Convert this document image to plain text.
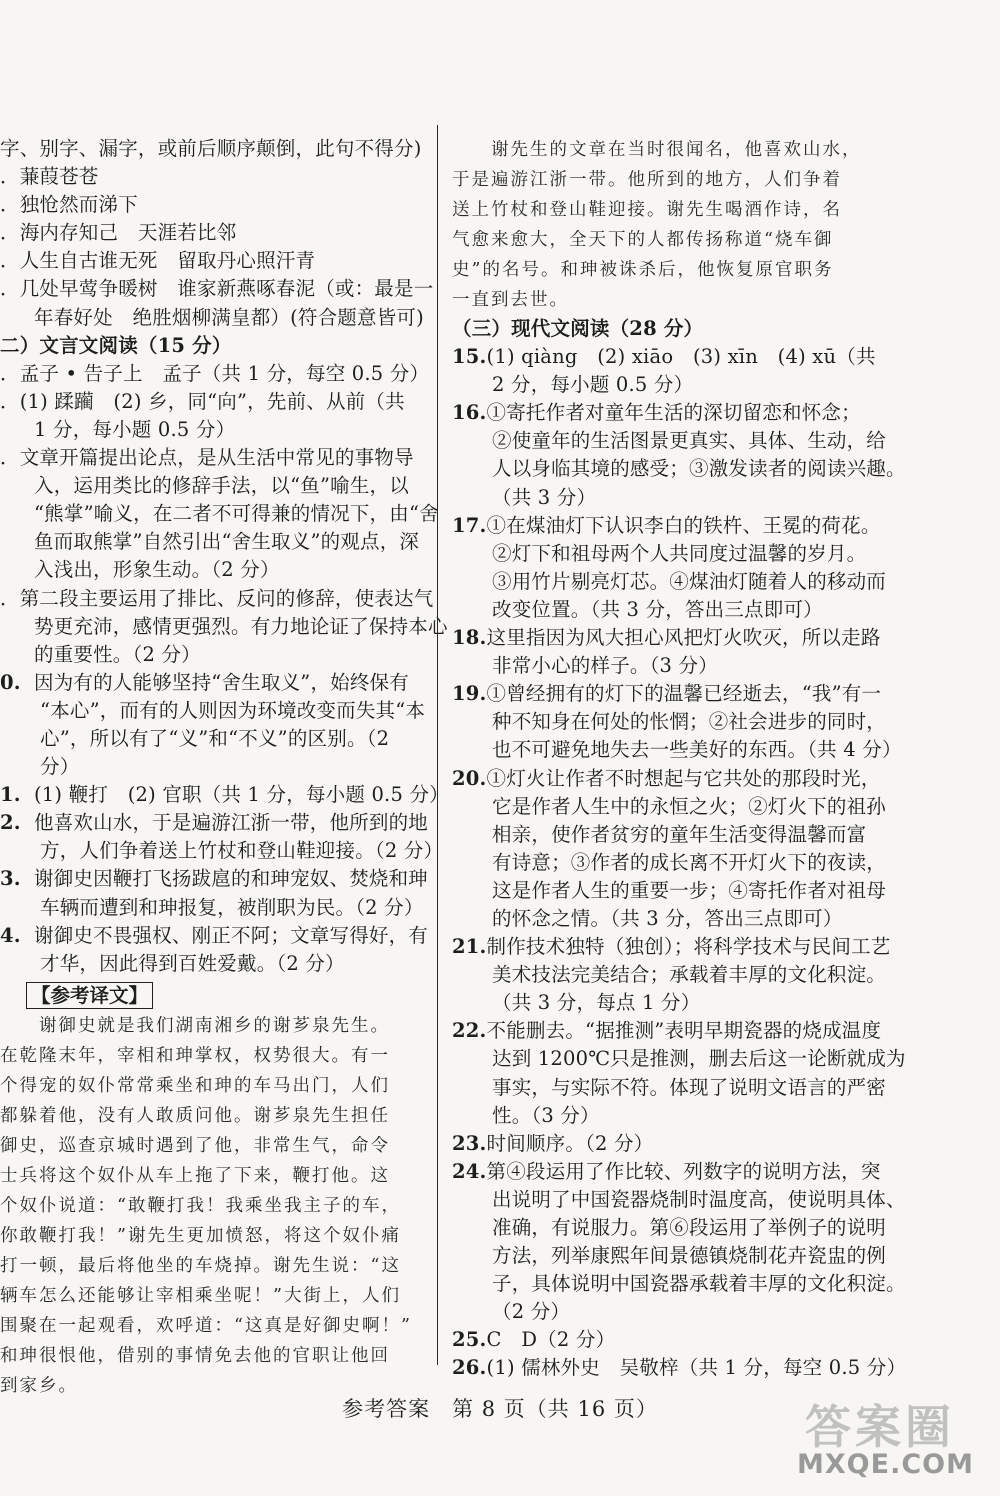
字、别字、漏字，或前后顺序颠倒，此句不得分)
．蒹葭苍苍
．独怆然而涕下
．海内存知己　天涯若比邻
．人生自古谁无死　留取丹心照汗青
．几处早莺争暖树　谁家新燕啄春泥（或：最是一
年春好处　绝胜烟柳满皇都）(符合题意皆可)
二）文言文阅读（15 分）
．孟子 • 告子上　孟子（共 1 分，每空 0.5 分）
．(1) 蹂躏　(2) 乡，同“向”，先前、从前（共
1 分，每小题 0.5 分）
．文章开篇提出论点，是从生活中常见的事物导
入，运用类比的修辞手法，以“鱼”喻生，以
“熊掌”喻义，在二者不可得兼的情况下，由“舍
鱼而取熊掌”自然引出“舍生取义”的观点，深
入浅出，形象生动。（2 分）
．第二段主要运用了排比、反问的修辞，使表达气
势更充沛，感情更强烈。有力地论证了保持本心
的重要性。（2 分）
0. 因为有的人能够坚持“舍生取义”，始终保有
“本心”，而有的人则因为环境改变而失其“本
心”，所以有了“义”和“不义”的区别。（2
分）
1. (1) 鞭打　(2) 官职（共 1 分，每小题 0.5 分）
2. 他喜欢山水，于是遍游江浙一带，他所到的地
方，人们争着送上竹杖和登山鞋迎接。（2 分）
3. 谢御史因鞭打飞扬跋扈的和珅宠奴、焚烧和珅
车辆而遭到和珅报复，被削职为民。（2 分）
4. 谢御史不畏强权、刚正不阿；文章写得好，有
才华，因此得到百姓爱戴。（2 分）
【参考译文】
　　谢御史就是我们湖南湘乡的谢芗泉先生。
在乾隆末年，宰相和珅掌权，权势很大。有一
个得宠的奴仆常常乘坐和珅的车马出门，人们
都躲着他，没有人敢质问他。谢芗泉先生担任
御史，巡查京城时遇到了他，非常生气，命令
士兵将这个奴仆从车上拖了下来，鞭打他。这
个奴仆说道：“敢鞭打我！我乘坐我主子的车，
你敢鞭打我！”谢先生更加愤怒，将这个奴仆痛
打一顿，最后将他坐的车烧掉。谢先生说：“这
辆车怎么还能够让宰相乘坐呢！”大街上，人们
围聚在一起观看，欢呼道：“这真是好御史啊！”
和珅很恨他，借别的事情免去他的官职让他回
到家乡。
　　谢先生的文章在当时很闻名，他喜欢山水，
于是遍游江浙一带。他所到的地方，人们争着
送上竹杖和登山鞋迎接。谢先生喝酒作诗，名
气愈来愈大，全天下的人都传扬称道“烧车御
史”的名号。和珅被诛杀后，他恢复原官职务
一直到去世。
（三）现代文阅读（28 分）
15.(1) qiàng　(2) xiāo　(3) xīn　(4) xū（共
2 分，每小题 0.5 分）
16.①寄托作者对童年生活的深切留恋和怀念；
②使童年的生活图景更真实、具体、生动，给
人以身临其境的感受；③激发读者的阅读兴趣。
（共 3 分）
17.①在煤油灯下认识李白的铁杵、王冕的荷花。
②灯下和祖母两个人共同度过温馨的岁月。
③用竹片剔亮灯芯。④煤油灯随着人的移动而
改变位置。（共 3 分，答出三点即可）
18.这里指因为风大担心风把灯火吹灭，所以走路
非常小心的样子。（3 分）
19.①曾经拥有的灯下的温馨已经逝去，“我”有一
种不知身在何处的怅惘；②社会进步的同时，
也不可避免地失去一些美好的东西。（共 4 分）
20.①灯火让作者不时想起与它共处的那段时光，
它是作者人生中的永恒之火；②灯火下的祖孙
相亲，使作者贫穷的童年生活变得温馨而富
有诗意；③作者的成长离不开灯火下的夜读，
这是作者人生的重要一步；④寄托作者对祖母
的怀念之情。（共 3 分，答出三点即可）
21.制作技术独特（独创）；将科学技术与民间工艺
美术技法完美结合；承载着丰厚的文化积淀。
（共 3 分，每点 1 分）
22.不能删去。“据推测”表明早期瓷器的烧成温度
达到 1200℃只是推测，删去后这一论断就成为
事实，与实际不符。体现了说明文语言的严密
性。（3 分）
23.时间顺序。（2 分）
24.第④段运用了作比较、列数字的说明方法，突
出说明了中国瓷器烧制时温度高，使说明具体、
准确，有说服力。第⑥段运用了举例子的说明
方法，列举康熙年间景德镇烧制花卉瓷盅的例
子，具体说明中国瓷器承载着丰厚的文化积淀。
（2 分）
25.C　D（2 分）
26.(1) 儒林外史　吴敬梓（共 1 分，每空 0.5 分）
参考答案　第 8 页（共 16 页）	答案圈
MXQE.COM
